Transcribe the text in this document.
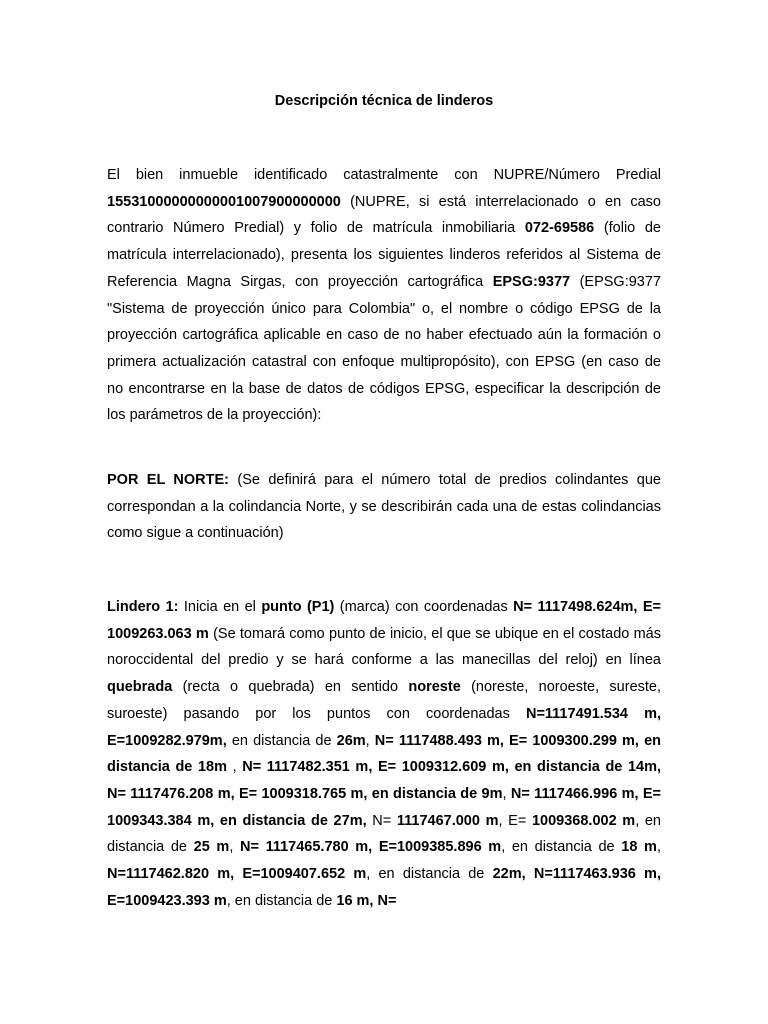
Descripción técnica de linderos

El bien inmueble identificado catastralmente con NUPRE/Número Predial 15531000000000001007900000000 (NUPRE, si está interrelacionado o en caso contrario Número Predial) y folio de matrícula inmobiliaria 072-69586 (folio de matrícula interrelacionado), presenta los siguientes linderos referidos al Sistema de Referencia Magna Sirgas, con proyección cartográfica EPSG:9377 (EPSG:9377 "Sistema de proyección único para Colombia" o, el nombre o código EPSG de la proyección cartográfica aplicable en caso de no haber efectuado aún la formación o primera actualización catastral con enfoque multipropósito), con EPSG (en caso de no encontrarse en la base de datos de códigos EPSG, especificar la descripción de los parámetros de la proyección):

POR EL NORTE: (Se definirá para el número total de predios colindantes que correspondan a la colindancia Norte, y se describirán cada una de estas colindancias como sigue a continuación)

Lindero 1: Inicia en el punto (P1) (marca) con coordenadas N= 1117498.624m, E= 1009263.063 m (Se tomará como punto de inicio, el que se ubique en el costado más noroccidental del predio y se hará conforme a las manecillas del reloj) en línea quebrada (recta o quebrada) en sentido noreste (noreste, noroeste, sureste, suroeste) pasando por los puntos con coordenadas N=1117491.534 m, E=1009282.979m, en distancia de 26m, N= 1117488.493 m, E= 1009300.299 m, en distancia de 18m , N= 1117482.351 m, E= 1009312.609 m, en distancia de 14m, N= 1117476.208 m, E= 1009318.765 m, en distancia de 9m, N= 1117466.996 m, E= 1009343.384 m, en distancia de 27m, N= 1117467.000 m, E= 1009368.002 m, en distancia de 25 m, N= 1117465.780 m, E=1009385.896 m, en distancia de 18 m, N=1117462.820 m, E=1009407.652 m, en distancia de 22m, N=1117463.936 m, E=1009423.393 m, en distancia de 16 m, N=
